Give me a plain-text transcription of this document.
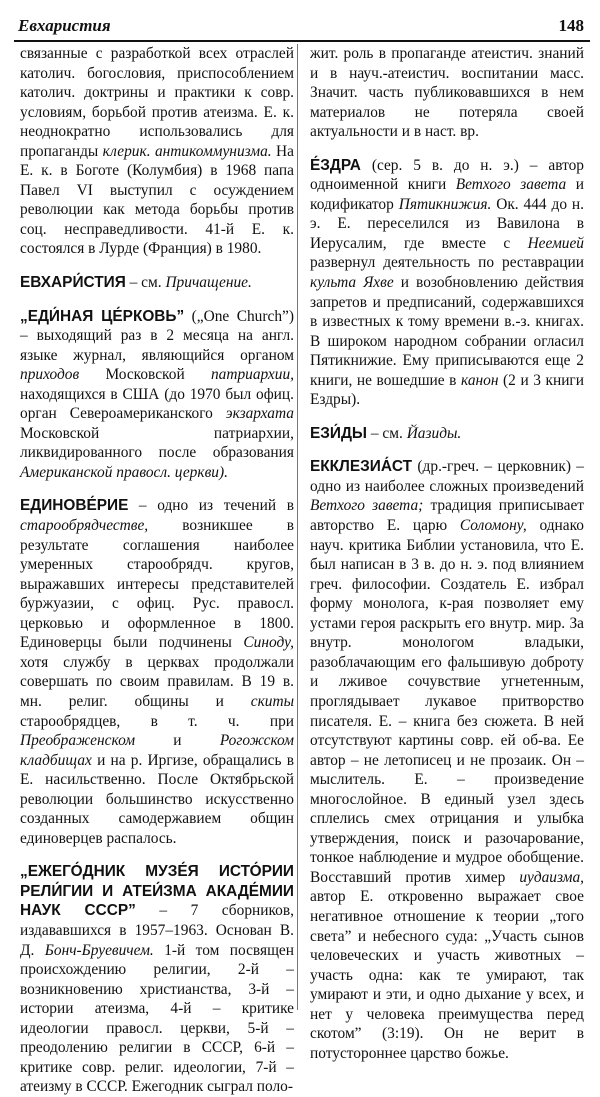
Евхаристия	148

связанные с разработкой всех отраслей католич. богословия, приспособлением католич. доктрины и практики к совр. условиям, борьбой против атеизма. Е. к. неоднократно использовались для пропаганды клерик. антикоммунизма. На Е. к. в Боготе (Колумбия) в 1968 папа Павел VI выступил с осуждением революции как метода борьбы против соц. несправедливости. 41-й Е. к. состоялся в Лурде (Франция) в 1980.

ЕВХАРИ́СТИЯ – см. Причащение.

„ЕДИ́НАЯ ЦЕ́РКОВЬ” („One Church”) – выходящий раз в 2 месяца на англ. языке журнал, являющийся органом приходов Московской патриархии, находящихся в США (до 1970 был офиц. орган Североамериканского экзархата Московской патриархии, ликвидированного после образования Американской правосл. церкви).

ЕДИНОВЕ́РИЕ – одно из течений в старообрядчестве, возникшее в результате соглашения наиболее умеренных старообрядч. кругов, выражавших интересы представителей буржуазии, с офиц. Рус. правосл. церковью и оформленное в 1800. Единоверцы были подчинены Синоду, хотя службу в церквах продолжали совершать по своим правилам. В 19 в. мн. религ. общины и скиты старообрядцев, в т. ч. при Преображенском и Рогожском кладбищах и на р. Иргизе, обращались в Е. насильственно. После Октябрьской революции большинство искусственно созданных самодержавием общин единоверцев распалось.

„ЕЖЕГО́ДНИК МУЗЕ́Я ИСТО́РИИ РЕЛИ́ГИИ И АТЕИ́ЗМА АКАДЕ́МИИ НАУК СССР” – 7 сборников, издававшихся в 1957–1963. Основан В. Д. Бонч-Бруевичем. 1-й том посвящен происхождению религии, 2-й – возникновению христианства, 3-й – истории атеизма, 4-й – критике идеологии правосл. церкви, 5-й – преодолению религии в СССР, 6-й – критике совр. религ. идеологии, 7-й – атеизму в СССР. Ежегодник сыграл поло-

жит. роль в пропаганде атеистич. знаний и в науч.-атеистич. воспитании масс. Значит. часть публиковавшихся в нем материалов не потеряла своей актуальности и в наст. вр.

Е́ЗДРА (сер. 5 в. до н. э.) – автор одноименной книги Ветхого завета и кодификатор Пятикнижия. Ок. 444 до н. э. Е. переселился из Вавилона в Иерусалим, где вместе с Неемией развернул деятельность по реставрации культа Яхве и возобновлению действия запретов и предписаний, содержавшихся в известных к тому времени в.-з. книгах. В широком народном собрании огласил Пятикнижие. Ему приписываются еще 2 книги, не вошедшие в канон (2 и 3 книги Ездры).

ЕЗИ́ДЫ – см. Йазиды.

ЕККЛЕЗИА́СТ (др.-греч. – церковник) – одно из наиболее сложных произведений Ветхого завета; традиция приписывает авторство Е. царю Соломону, однако науч. критика Библии установила, что Е. был написан в 3 в. до н. э. под влиянием греч. философии. Создатель Е. избрал форму монолога, к-рая позволяет ему устами героя раскрыть его внутр. мир. За внутр. монологом владыки, разоблачающим его фальшивую доброту и лживое сочувствие угнетенным, проглядывает лукавое притворство писателя. Е. – книга без сюжета. В ней отсутствуют картины совр. ей об-ва. Ее автор – не летописец и не прозаик. Он – мыслитель. Е. – произведение многослойное. В единый узел здесь сплелись смех отрицания и улыбка утверждения, поиск и разочарование, тонкое наблюдение и мудрое обобщение. Восставший против химер иудаизма, автор Е. откровенно выражает свое негативное отношение к теории „того света” и небесного суда: „Участь сынов человеческих и участь животных – участь одна: как те умирают, так умирают и эти, и одно дыхание у всех, и нет у человека преимущества перед скотом” (3:19). Он не верит в потустороннее царство божье.
